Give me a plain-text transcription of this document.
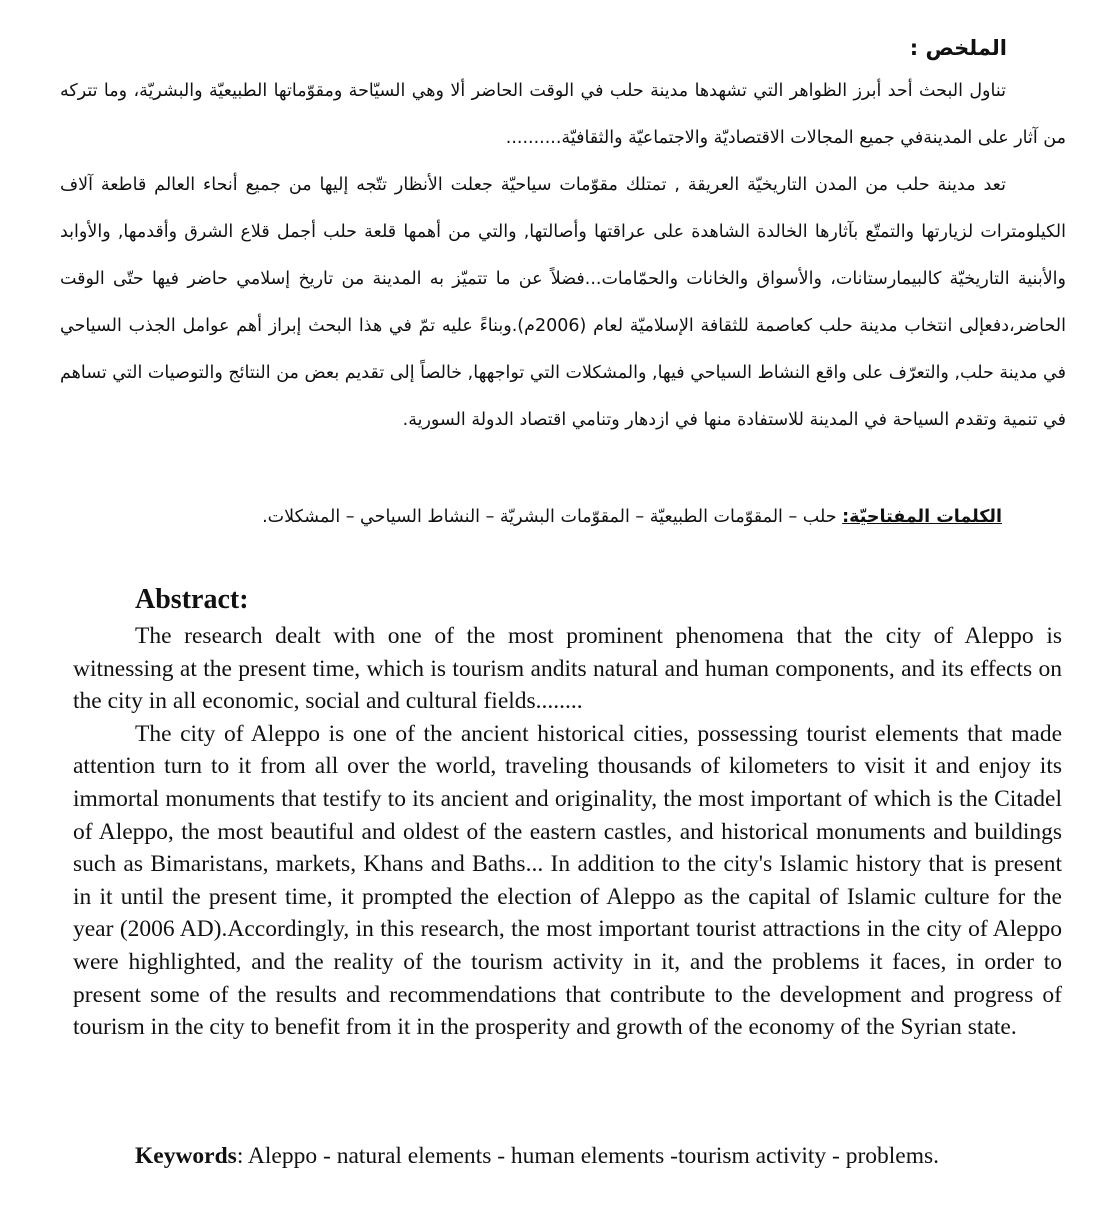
الملخص :

تناول البحث أحد أبرز الظواهر التي تشهدها مدينة حلب في الوقت الحاضر ألا وهي السيّاحة ومقوّماتها الطبيعيّة والبشريّة، وما تتركه من آثار على المدينةفي جميع المجالات الاقتصاديّة والاجتماعيّة والثقافيّة..........

تعد مدينة حلب من المدن التاريخيّة العريقة , تمتلك مقوّمات سياحيّة جعلت الأنظار تتّجه إليها من جميع أنحاء العالم قاطعة آلاف الكيلومترات لزيارتها والتمتّع بآثارها الخالدة الشاهدة على عراقتها وأصالتها, والتي من أهمها قلعة حلب أجمل قلاع الشرق وأقدمها, والأوابد والأبنية التاريخيّة كالبيمارستانات، والأسواق والخانات والحمّامات...فضلاً عن ما تتميّز به المدينة من تاريخ إسلامي حاضر فيها حتّى الوقت الحاضر،دفعإلى انتخاب مدينة حلب كعاصمة للثقافة الإسلاميّة لعام (2006م).وبناءً عليه تمّ في هذا البحث إبراز أهم عوامل الجذب السياحي في مدينة حلب, والتعرّف على واقع النشاط السياحي فيها, والمشكلات التي تواجهها, خالصاً إلى تقديم بعض من النتائج والتوصيات التي تساهم في تنمية وتقدم السياحة في المدينة للاستفادة منها في ازدهار وتنامي اقتصاد الدولة السورية.

الكلمات المفتاحيّة: حلب – المقوّمات الطبيعيّة – المقوّمات البشريّة – النشاط السياحي – المشكلات.

Abstract:

The research dealt with one of the most prominent phenomena that the city of Aleppo is witnessing at the present time, which is tourism andits natural and human components, and its effects on the city in all economic, social and cultural fields........

The city of Aleppo is one of the ancient historical cities, possessing tourist elements that made attention turn to it from all over the world, traveling thousands of kilometers to visit it and enjoy its immortal monuments that testify to its ancient and originality, the most important of which is the Citadel of Aleppo, the most beautiful and oldest of the eastern castles, and historical monuments and buildings such as Bimaristans, markets, Khans and Baths... In addition to the city's Islamic history that is present in it until the present time, it prompted the election of Aleppo as the capital of Islamic culture for the year (2006 AD).Accordingly, in this research, the most important tourist attractions in the city of Aleppo were highlighted, and the reality of the tourism activity in it, and the problems it faces, in order to present some of the results and recommendations that contribute to the development and progress of tourism in the city to benefit from it in the prosperity and growth of the economy of the Syrian state.

Keywords: Aleppo - natural elements - human elements -tourism activity - problems.
